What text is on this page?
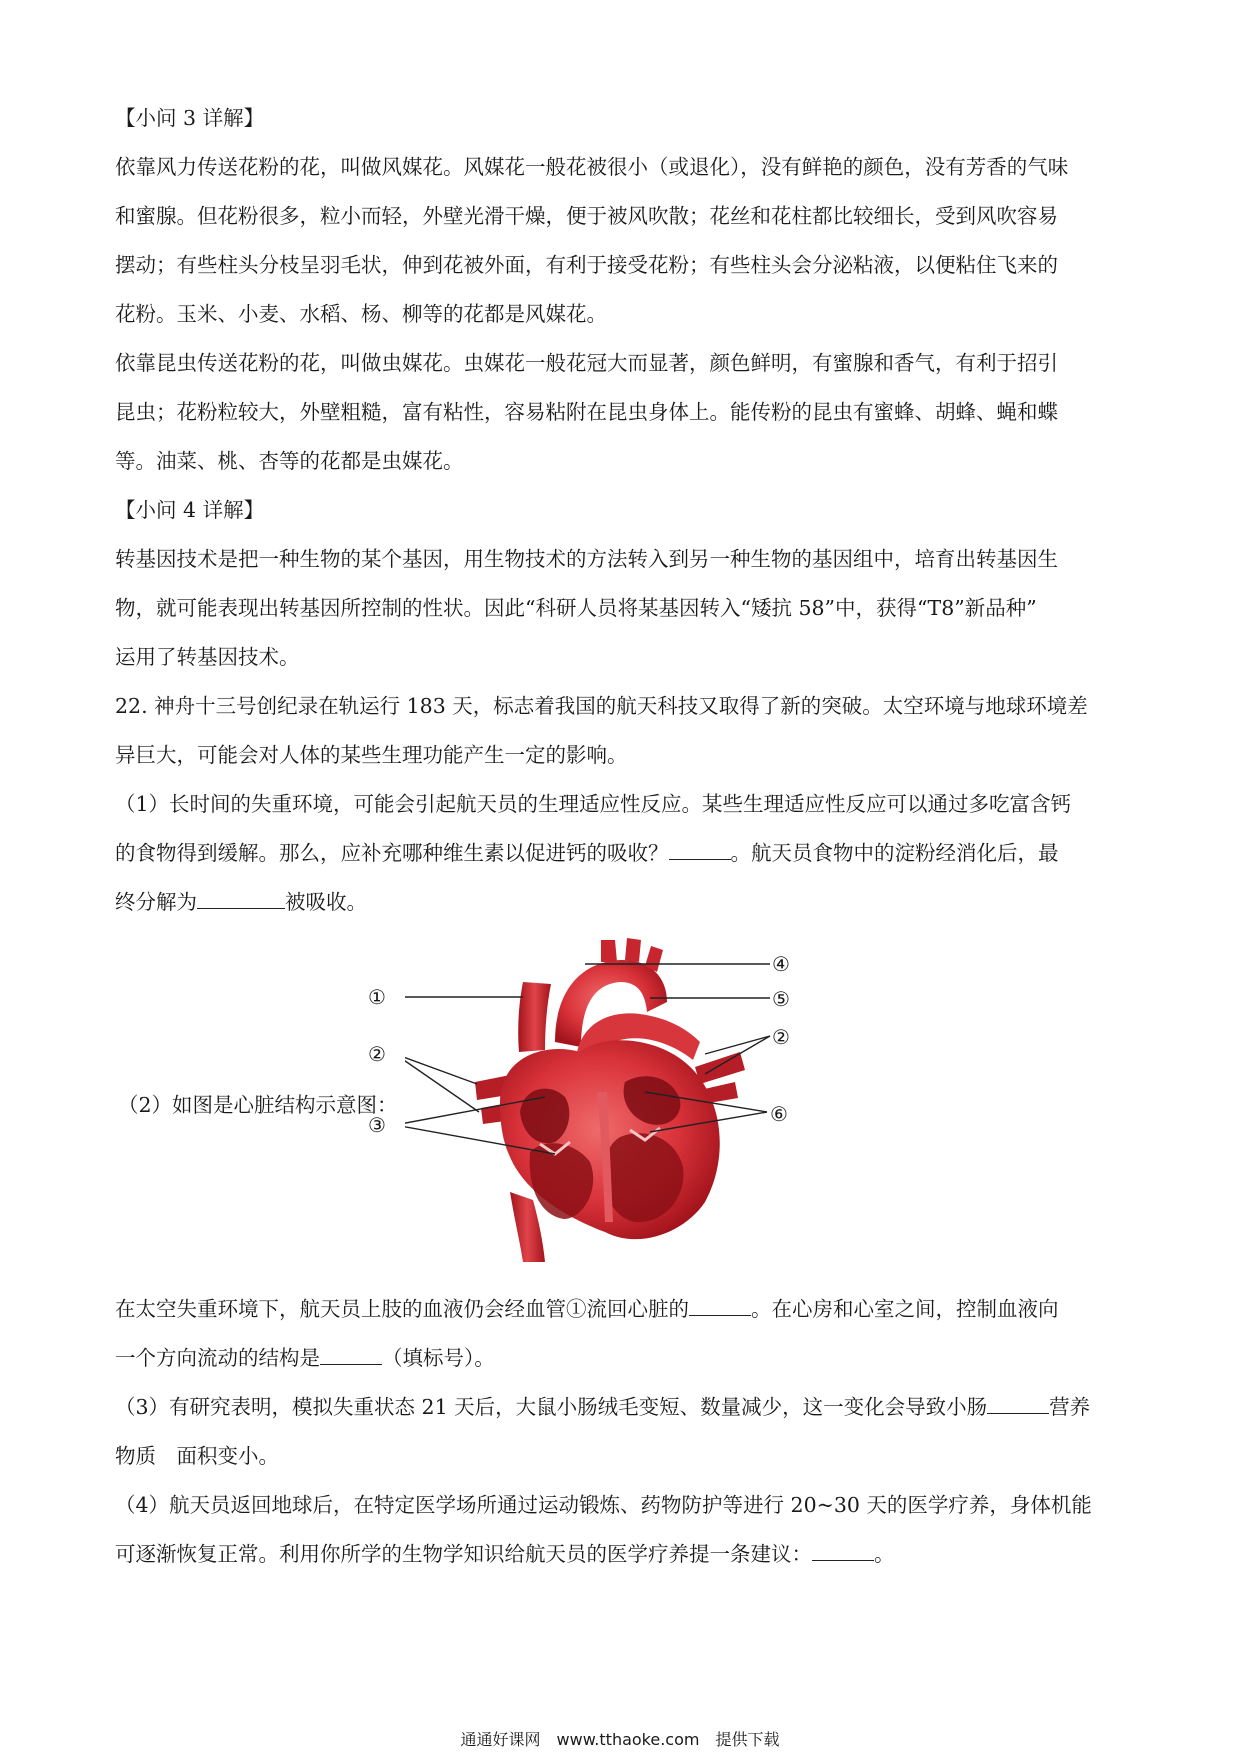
【小问 3 详解】
依靠风力传送花粉的花，叫做风媒花。风媒花一般花被很小（或退化），没有鲜艳的颜色，没有芳香的气味
和蜜腺。但花粉很多，粒小而轻，外壁光滑干燥，便于被风吹散；花丝和花柱都比较细长，受到风吹容易
摆动；有些柱头分枝呈羽毛状，伸到花被外面，有利于接受花粉；有些柱头会分泌粘液，以便粘住飞来的
花粉。玉米、小麦、水稻、杨、柳等的花都是风媒花。
依靠昆虫传送花粉的花，叫做虫媒花。虫媒花一般花冠大而显著，颜色鲜明，有蜜腺和香气，有利于招引
昆虫；花粉粒较大，外壁粗糙，富有粘性，容易粘附在昆虫身体上。能传粉的昆虫有蜜蜂、胡蜂、蝇和蝶
等。油菜、桃、杏等的花都是虫媒花。
【小问 4 详解】
转基因技术是把一种生物的某个基因，用生物技术的方法转入到另一种生物的基因组中，培育出转基因生
物，就可能表现出转基因所控制的性状。因此“科研人员将某基因转入“矮抗 58”中，获得“T8”新品种”
运用了转基因技术。
22. 神舟十三号创纪录在轨运行 183 天，标志着我国的航天科技又取得了新的突破。太空环境与地球环境差
异巨大，可能会对人体的某些生理功能产生一定的影响。
（1）长时间的失重环境，可能会引起航天员的生理适应性反应。某些生理适应性反应可以通过多吃富含钙
的食物得到缓解。那么，应补充哪种维生素以促进钙的吸收？	。航天员食物中的淀粉经消化后，最
终分解为	被吸收。
（2）如图是心脏结构示意图：
①
②
③
④
⑤
②
⑥
在太空失重环境下，航天员上肢的血液仍会经血管①流回心脏的	。在心房和心室之间，控制血液向
一个方向流动的结构是	（填标号）。
（3）有研究表明，模拟失重状态 21 天后，大鼠小肠绒毛变短、数量减少，这一变化会导致小肠	营养
物质　面积变小。
（4）航天员返回地球后，在特定医学场所通过运动锻炼、药物防护等进行 20~30 天的医学疗养，身体机能
可逐渐恢复正常。利用你所学的生物学知识给航天员的医学疗养提一条建议：	。
通通好课网　www.tthaoke.com　提供下载
